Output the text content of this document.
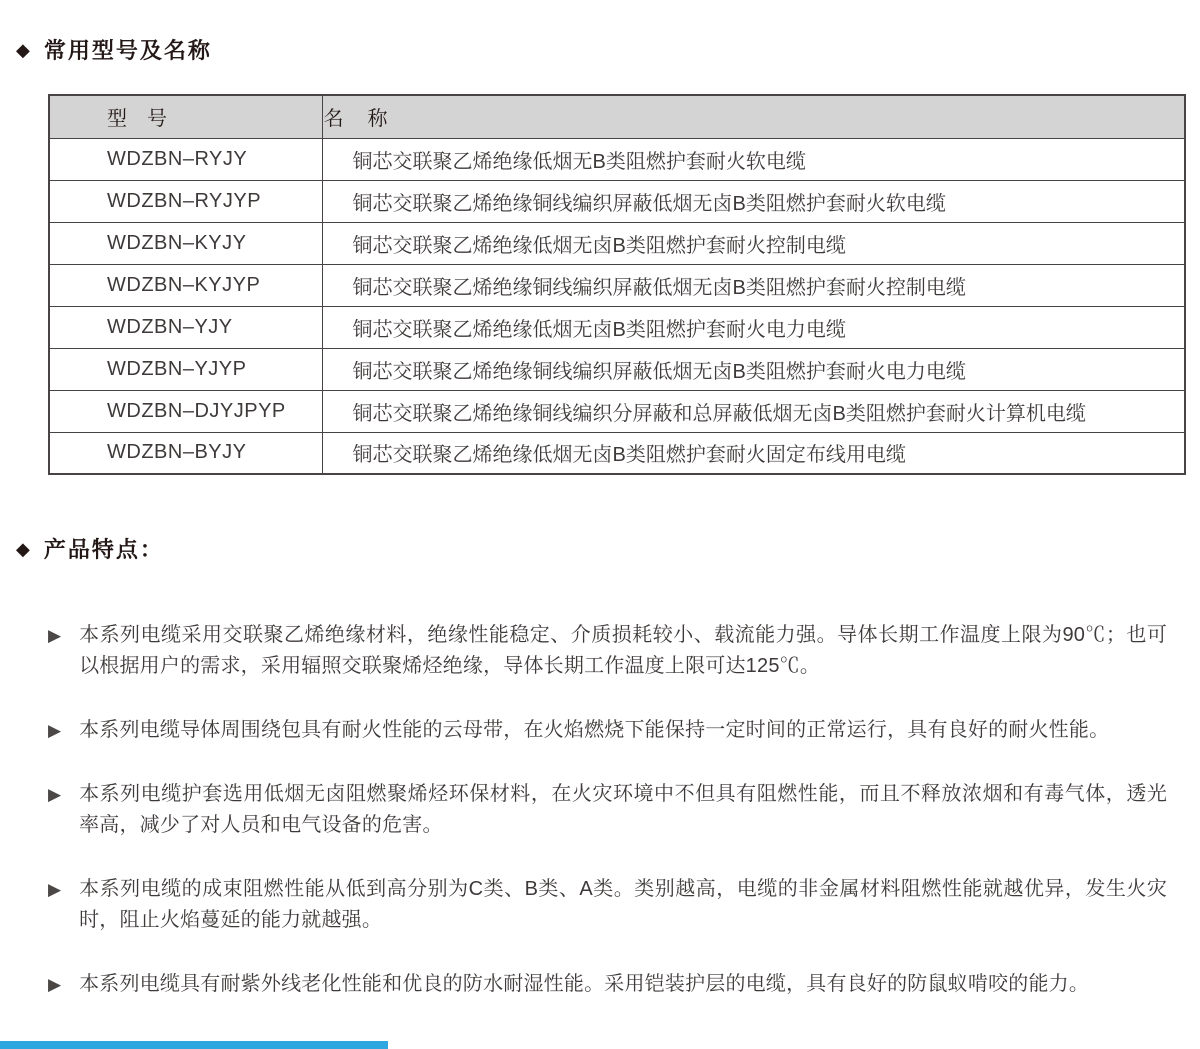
◆ 常用型号及名称
型　号	名　称
WDZBN–RYJY	铜芯交联聚乙烯绝缘低烟无B类阻燃护套耐火软电缆
WDZBN–RYJYP	铜芯交联聚乙烯绝缘铜线编织屏蔽低烟无卤B类阻燃护套耐火软电缆
WDZBN–KYJY	铜芯交联聚乙烯绝缘低烟无卤B类阻燃护套耐火控制电缆
WDZBN–KYJYP	铜芯交联聚乙烯绝缘铜线编织屏蔽低烟无卤B类阻燃护套耐火控制电缆
WDZBN–YJY	铜芯交联聚乙烯绝缘低烟无卤B类阻燃护套耐火电力电缆
WDZBN–YJYP	铜芯交联聚乙烯绝缘铜线编织屏蔽低烟无卤B类阻燃护套耐火电力电缆
WDZBN–DJYJPYP	铜芯交联聚乙烯绝缘铜线编织分屏蔽和总屏蔽低烟无卤B类阻燃护套耐火计算机电缆
WDZBN–BYJY	铜芯交联聚乙烯绝缘低烟无卤B类阻燃护套耐火固定布线用电缆
◆ 产品特点：
▶ 本系列电缆采用交联聚乙烯绝缘材料，绝缘性能稳定、介质损耗较小、载流能力强。导体长期工作温度上限为90℃；也可以根据用户的需求，采用辐照交联聚烯烃绝缘，导体长期工作温度上限可达125℃。

▶ 本系列电缆导体周围绕包具有耐火性能的云母带，在火焰燃烧下能保持一定时间的正常运行，具有良好的耐火性能。

▶ 本系列电缆护套选用低烟无卤阻燃聚烯烃环保材料，在火灾环境中不但具有阻燃性能，而且不释放浓烟和有毒气体，透光率高，减少了对人员和电气设备的危害。

▶ 本系列电缆的成束阻燃性能从低到高分别为C类、B类、A类。类别越高，电缆的非金属材料阻燃性能就越优异，发生火灾时，阻止火焰蔓延的能力就越强。

▶ 本系列电缆具有耐紫外线老化性能和优良的防水耐湿性能。采用铠装护层的电缆，具有良好的防鼠蚁啃咬的能力。
